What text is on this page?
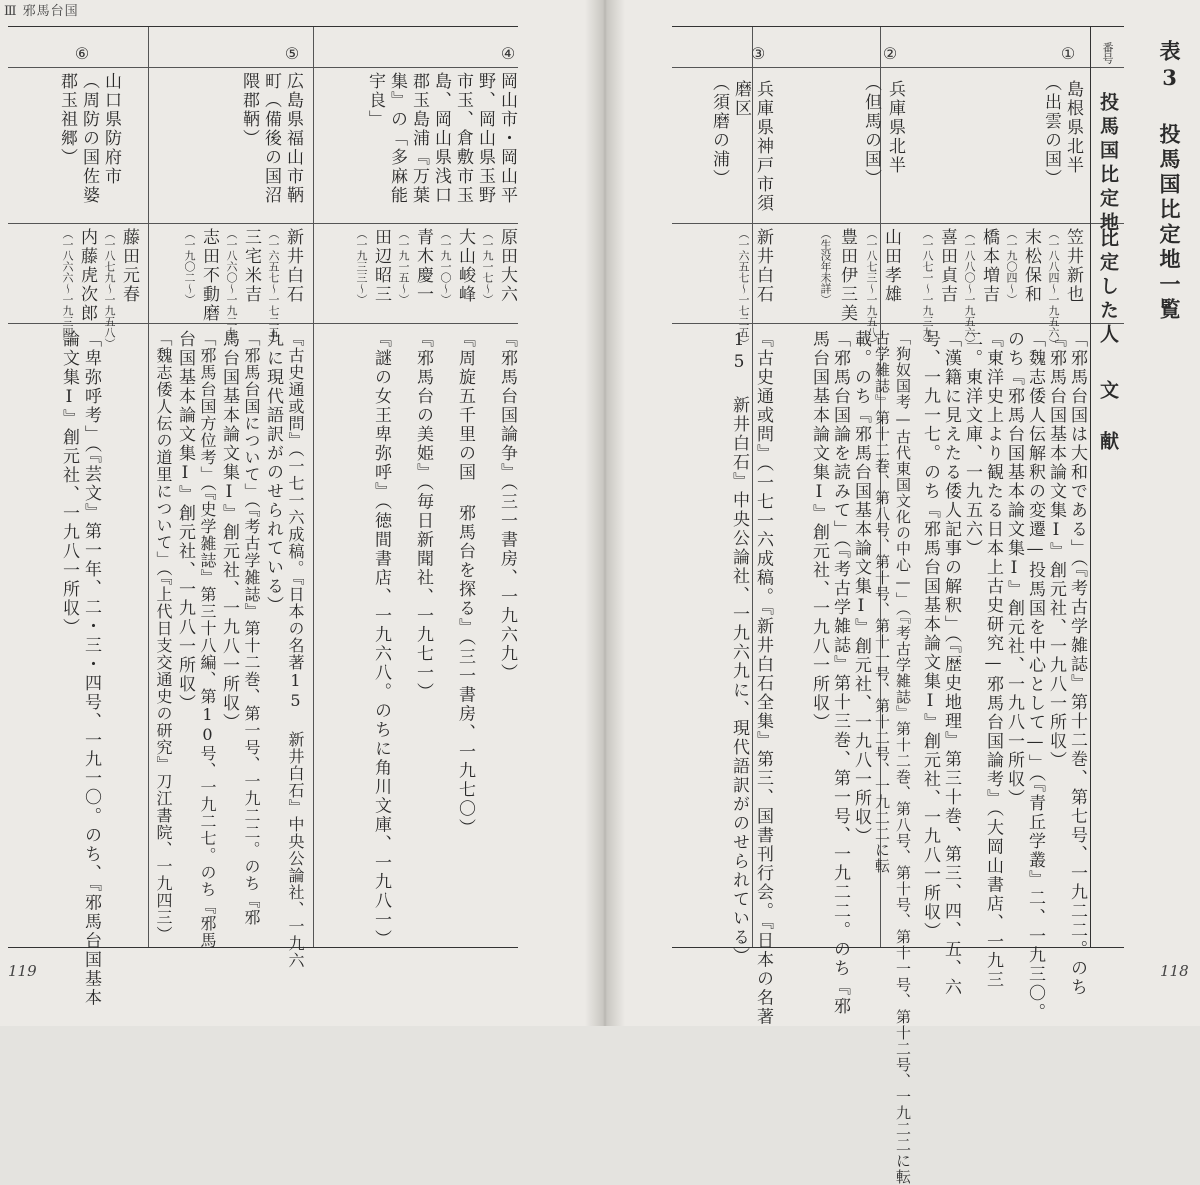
Ⅲ 邪馬台国
119	118
表3 投馬国比定地一覧
番号
投馬国比定地
比定した人
文 献
①
島根県北半
（出雲の国）
笠井新也
（一八八四〜一九五六）
末松保和
（一九〇四〜）
橋本増吉
（一八八〇〜一九五六）
喜田貞吉
（一八七一〜一九三九）
「邪馬台国は大和である」（『考古学雑誌』第十二巻、第七号、一九二二。のち
『邪馬台国基本論文集Ⅰ』創元社、一九八一所収）
「魏志倭人伝解釈の変遷—投馬国を中心として—」（『青丘学叢』二、一九三〇。
のち『邪馬台国基本論文集Ⅰ』創元社、一九八一所収）
『東洋史上より観たる日本上古史研究—邪馬台国論考』（大岡山書店、一九三
二。東洋文庫、一九五六）
「漢籍に見えたる倭人記事の解釈」（『歴史地理』第三十巻、第三、四、五、六
号、一九一七。のち『邪馬台国基本論文集Ⅰ』創元社、一九八一所収）
②
兵庫県北半
（但馬の国）
山田孝雄
（一八七三〜一九五八）
豊田伊三美
（生没年未詳）
「狗奴国考—古代東国文化の中心—」（『考古学雑誌』第十二巻、第八号、第十号、第十一号、第十二号、一九二二に転
古学雑誌』第十二巻、第八号、第十号、第十一号、第十二号、一九二二に転
載。のち『邪馬台国基本論文集Ⅰ』創元社、一九八一所収）
「邪馬台国論を読みて」（『考古学雑誌』第十三巻、第一号、一九二二。のち『邪
馬台国基本論文集Ⅰ』創元社、一九八一所収）
③
兵庫県神戸市須
磨区
（須磨の浦）
新井白石
（一六五七〜一七二五）
『古史通或問』（一七一六成稿。『新井白石全集』第三、国書刊行会。『日本の名著
15 新井白石』中央公論社、一九六九に、現代語訳がのせられている）
④
岡山市・岡山平
野、岡山県玉野
市玉、倉敷市玉
島、岡山県浅口
郡玉島浦『万葉
集』の「多麻能
宇良」
原田大六
（一九一七〜）
大山峻峰
（一九一〇〜）
青木慶一
（一九一五〜）
田辺昭三
（一九三三〜）
『邪馬台国論争』（三一書房、一九六九）
『周旋五千里の国 邪馬台を探る』（三一書房、一九七〇）
『邪馬台の美姫』（毎日新聞社、一九七一）
『謎の女王卑弥呼』（徳間書店、一九六八。のちに角川文庫、一九八一）
⑤
広島県福山市鞆
町（備後の国沼
隈郡鞆）
新井白石
（一六五七〜一七二五）
三宅米吉
（一八六〇〜一九二九）
志田不動磨
（一九〇二〜）
『古史通或問』（一七一六成稿。『日本の名著15 新井白石』中央公論社、一九六
九に現代語訳がのせられている）
「邪馬台国について」（『考古学雑誌』第十二巻、第一号、一九二二。のち『邪
馬台国基本論文集Ⅰ』創元社、一九八一所収）
「邪馬台国方位考」（『史学雑誌』第三十八編、第10号、一九二七。のち『邪馬
台国基本論文集Ⅰ』創元社、一九八一所収）
「魏志倭人伝の道里について」（『上代日支交通史の研究』刀江書院、一九四三）
⑥
山口県防府市
（周防の国佐婆
郡玉祖郷）
藤田元春
（一八七九〜一九五八）
内藤虎次郎
（一八六六〜一九三四）
「卑弥呼考」（『芸文』第一年、二・三・四号、一九一〇。のち、『邪馬台国基本
論文集Ⅰ』創元社、一九八一所収）
